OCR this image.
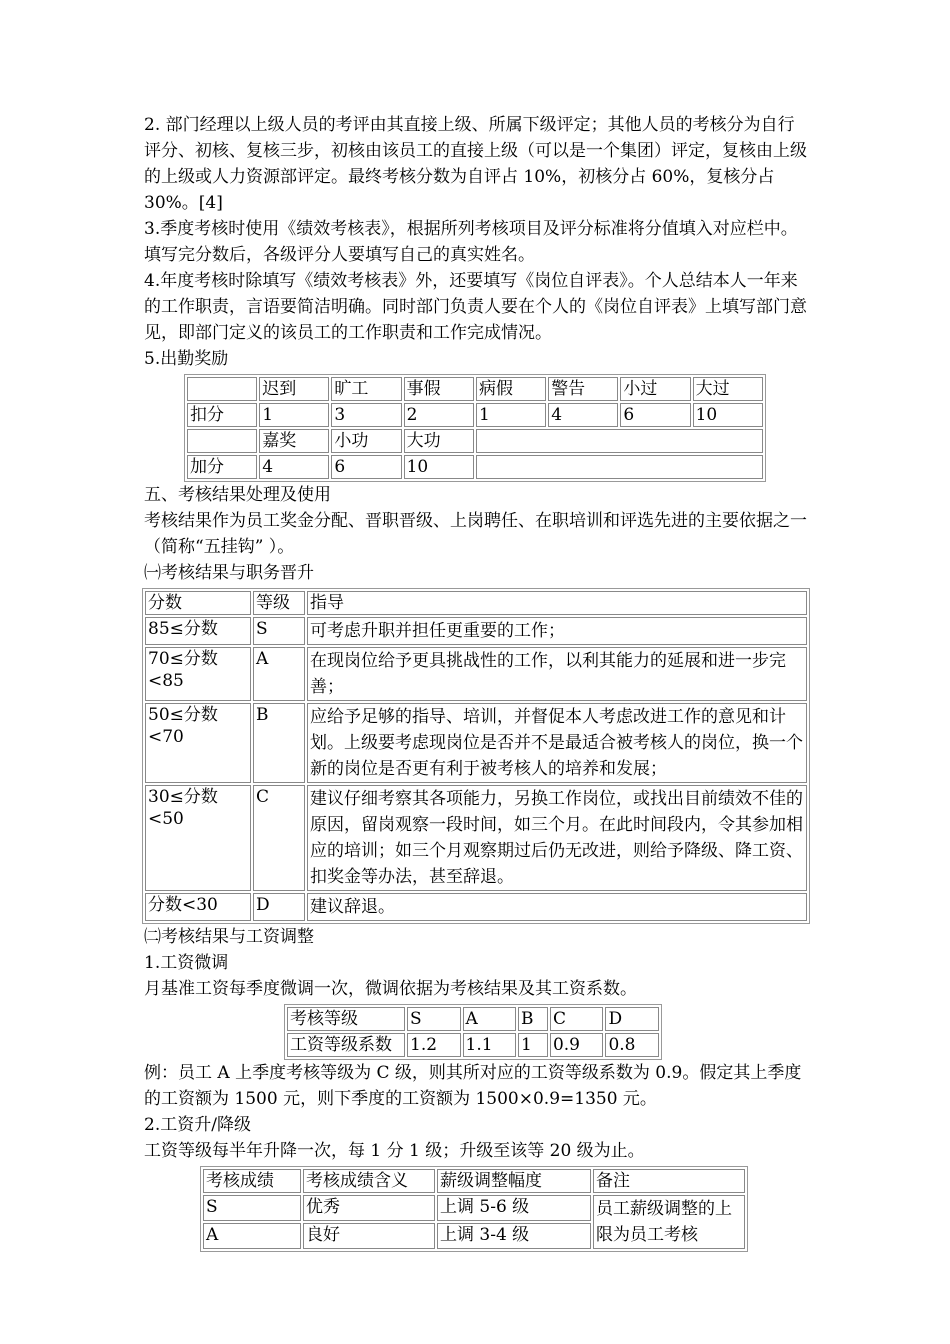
2. 部门经理以上级人员的考评由其直接上级、所属下级评定；其他人员的考核分为自行评分、初核、复核三步，初核由该员工的直接上级（可以是一个集团）评定，复核由上级的上级或人力资源部评定。最终考核分数为自评占 10%，初核分占 60%，复核分占 30%。[4]

3.季度考核时使用《绩效考核表》，根据所列考核项目及评分标准将分值填入对应栏中。填写完分数后，各级评分人要填写自己的真实姓名。

4.年度考核时除填写《绩效考核表》外，还要填写《岗位自评表》。个人总结本人一年来的工作职责，言语要简洁明确。同时部门负责人要在个人的《岗位自评表》上填写部门意见，即部门定义的该员工的工作职责和工作完成情况。

5.出勤奖励

	迟到	旷工	事假	病假	警告	小过	大过
扣分	1	3	2	1	4	6	10
	嘉奖	小功	大功				
加分	4	6	10				

五、考核结果处理及使用

考核结果作为员工奖金分配、晋职晋级、上岗聘任、在职培训和评选先进的主要依据之一（简称“五挂钩” ）。

㈠考核结果与职务晋升

分数	等级	指导
85≤分数	S	可考虑升职并担任更重要的工作；
70≤分数<85	A	在现岗位给予更具挑战性的工作，以利其能力的延展和进一步完善；
50≤分数<70	B	应给予足够的指导、培训，并督促本人考虑改进工作的意见和计划。上级要考虑现岗位是否并不是最适合被考核人的岗位，换一个新的岗位是否更有利于被考核人的培养和发展；
30≤分数<50	C	建议仔细考察其各项能力，另换工作岗位，或找出目前绩效不佳的原因，留岗观察一段时间，如三个月。在此时间段内，令其参加相应的培训；如三个月观察期过后仍无改进，则给予降级、降工资、扣奖金等办法，甚至辞退。
分数<30	D	建议辞退。

㈡考核结果与工资调整

1.工资微调

月基准工资每季度微调一次，微调依据为考核结果及其工资系数。

考核等级	S	A	B	C	D
工资等级系数	1.2	1.1	1	0.9	0.8

例：员工 A 上季度考核等级为 C 级，则其所对应的工资等级系数为 0.9。假定其上季度的工资额为 1500 元，则下季度的工资额为 1500×0.9=1350 元。

2.工资升/降级

工资等级每半年升降一次，每 1 分 1 级；升级至该等 20 级为止。

考核成绩	考核成绩含义	薪级调整幅度	备注
S	优秀	上调 5-6 级	员工薪级调整的上限为员工考核
A	良好	上调 3-4 级	
